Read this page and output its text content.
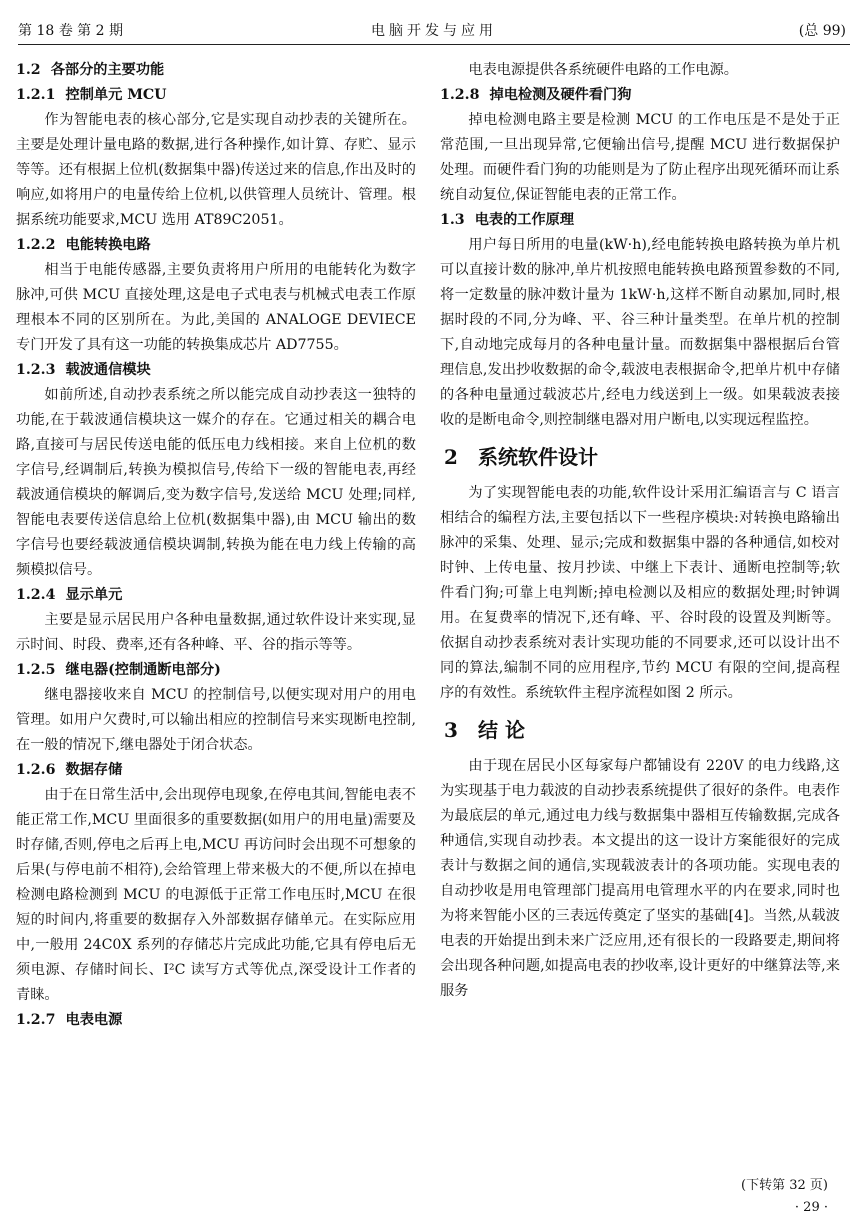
第 18 卷 第 2 期	电脑开发与应用	(总 99)
1.2 各部分的主要功能
1.2.1 控制单元 MCU
作为智能电表的核心部分,它是实现自动抄表的关键所在。主要是处理计量电路的数据,进行各种操作,如计算、存贮、显示等等。还有根据上位机(数据集中器)传送过来的信息,作出及时的响应,如将用户的电量传给上位机,以供管理人员统计、管理。根据系统功能要求,MCU 选用 AT89C2051。
1.2.2 电能转换电路
相当于电能传感器,主要负责将用户所用的电能转化为数字脉冲,可供 MCU 直接处理,这是电子式电表与机械式电表工作原理根本不同的区别所在。为此,美国的 ANALOGE DEVIECE 专门开发了具有这一功能的转换集成芯片 AD7755。
1.2.3 载波通信模块
如前所述,自动抄表系统之所以能完成自动抄表这一独特的功能,在于载波通信模块这一媒介的存在。它通过相关的耦合电路,直接可与居民传送电能的低压电力线相接。来自上位机的数字信号,经调制后,转换为模拟信号,传给下一级的智能电表,再经载波通信模块的解调后,变为数字信号,发送给 MCU 处理;同样,智能电表要传送信息给上位机(数据集中器),由 MCU 输出的数字信号也要经载波通信模块调制,转换为能在电力线上传输的高频模拟信号。
1.2.4 显示单元
主要是显示居民用户各种电量数据,通过软件设计来实现,显示时间、时段、费率,还有各种峰、平、谷的指示等等。
1.2.5 继电器(控制通断电部分)
继电器接收来自 MCU 的控制信号,以便实现对用户的用电管理。如用户欠费时,可以输出相应的控制信号来实现断电控制,在一般的情况下,继电器处于闭合状态。
1.2.6 数据存储
由于在日常生活中,会出现停电现象,在停电其间,智能电表不能正常工作,MCU 里面很多的重要数据(如用户的用电量)需要及时存储,否则,停电之后再上电,MCU 再访问时会出现不可想象的后果(与停电前不相符),会给管理上带来极大的不便,所以在掉电检测电路检测到 MCU 的电源低于正常工作电压时,MCU 在很短的时间内,将重要的数据存入外部数据存储单元。在实际应用中,一般用 24C0X 系列的存储芯片完成此功能,它具有停电后无须电源、存储时间长、I²C 读写方式等优点,深受设计工作者的青睐。
1.2.7 电表电源
电表电源提供各系统硬件电路的工作电源。
1.2.8 掉电检测及硬件看门狗
掉电检测电路主要是检测 MCU 的工作电压是不是处于正常范围,一旦出现异常,它便输出信号,提醒 MCU 进行数据保护处理。而硬件看门狗的功能则是为了防止程序出现死循环而让系统自动复位,保证智能电表的正常工作。
1.3 电表的工作原理
用户每日所用的电量(kW·h),经电能转换电路转换为单片机可以直接计数的脉冲,单片机按照电能转换电路预置参数的不同,将一定数量的脉冲数计量为 1kW·h,这样不断自动累加,同时,根据时段的不同,分为峰、平、谷三种计量类型。在单片机的控制下,自动地完成每月的各种电量计量。而数据集中器根据后台管理信息,发出抄收数据的命令,载波电表根据命令,把单片机中存储的各种电量通过载波芯片,经电力线送到上一级。如果载波表接收的是断电命令,则控制继电器对用户断电,以实现远程监控。
2 系统软件设计
为了实现智能电表的功能,软件设计采用汇编语言与 C 语言相结合的编程方法,主要包括以下一些程序模块:对转换电路输出脉冲的采集、处理、显示;完成和数据集中器的各种通信,如校对时钟、上传电量、按月抄读、中继上下表计、通断电控制等;软件看门狗;可靠上电判断;掉电检测以及相应的数据处理;时钟调用。在复费率的情况下,还有峰、平、谷时段的设置及判断等。依据自动抄表系统对表计实现功能的不同要求,还可以设计出不同的算法,编制不同的应用程序,节约 MCU 有限的空间,提高程序的有效性。系统软件主程序流程如图 2 所示。
3 结 论
由于现在居民小区每家每户都铺设有 220V 的电力线路,这为实现基于电力载波的自动抄表系统提供了很好的条件。电表作为最底层的单元,通过电力线与数据集中器相互传输数据,完成各种通信,实现自动抄表。本文提出的这一设计方案能很好的完成表计与数据之间的通信,实现载波表计的各项功能。实现电表的自动抄收是用电管理部门提高用电管理水平的内在要求,同时也为将来智能小区的三表远传奠定了坚实的基础[4]。当然,从载波电表的开始提出到未来广泛应用,还有很长的一段路要走,期间将会出现各种问题,如提高电表的抄收率,设计更好的中继算法等,来服务
(下转第 32 页)
· 29 ·
